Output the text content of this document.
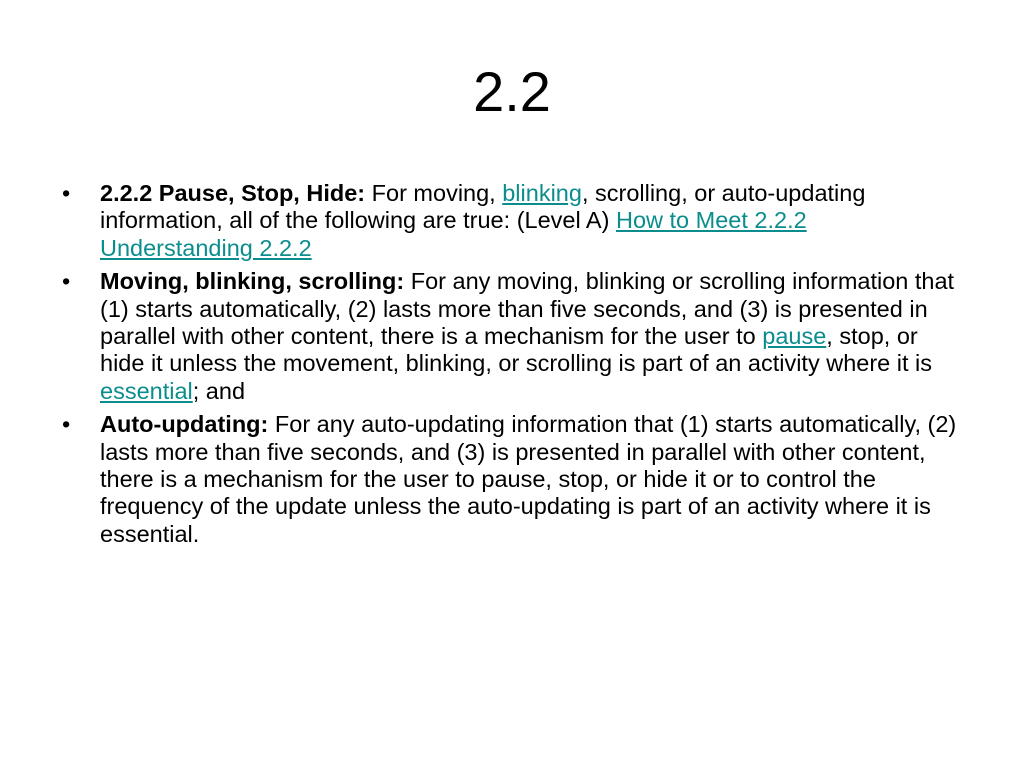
2.2
• 2.2.2 Pause, Stop, Hide: For moving, blinking, scrolling, or auto-updating information, all of the following are true: (Level A) How to Meet 2.2.2 Understanding 2.2.2
• Moving, blinking, scrolling: For any moving, blinking or scrolling information that (1) starts automatically, (2) lasts more than five seconds, and (3) is presented in parallel with other content, there is a mechanism for the user to pause, stop, or hide it unless the movement, blinking, or scrolling is part of an activity where it is essential; and
• Auto-updating: For any auto-updating information that (1) starts automatically, (2) lasts more than five seconds, and (3) is presented in parallel with other content, there is a mechanism for the user to pause, stop, or hide it or to control the frequency of the update unless the auto-updating is part of an activity where it is essential.
